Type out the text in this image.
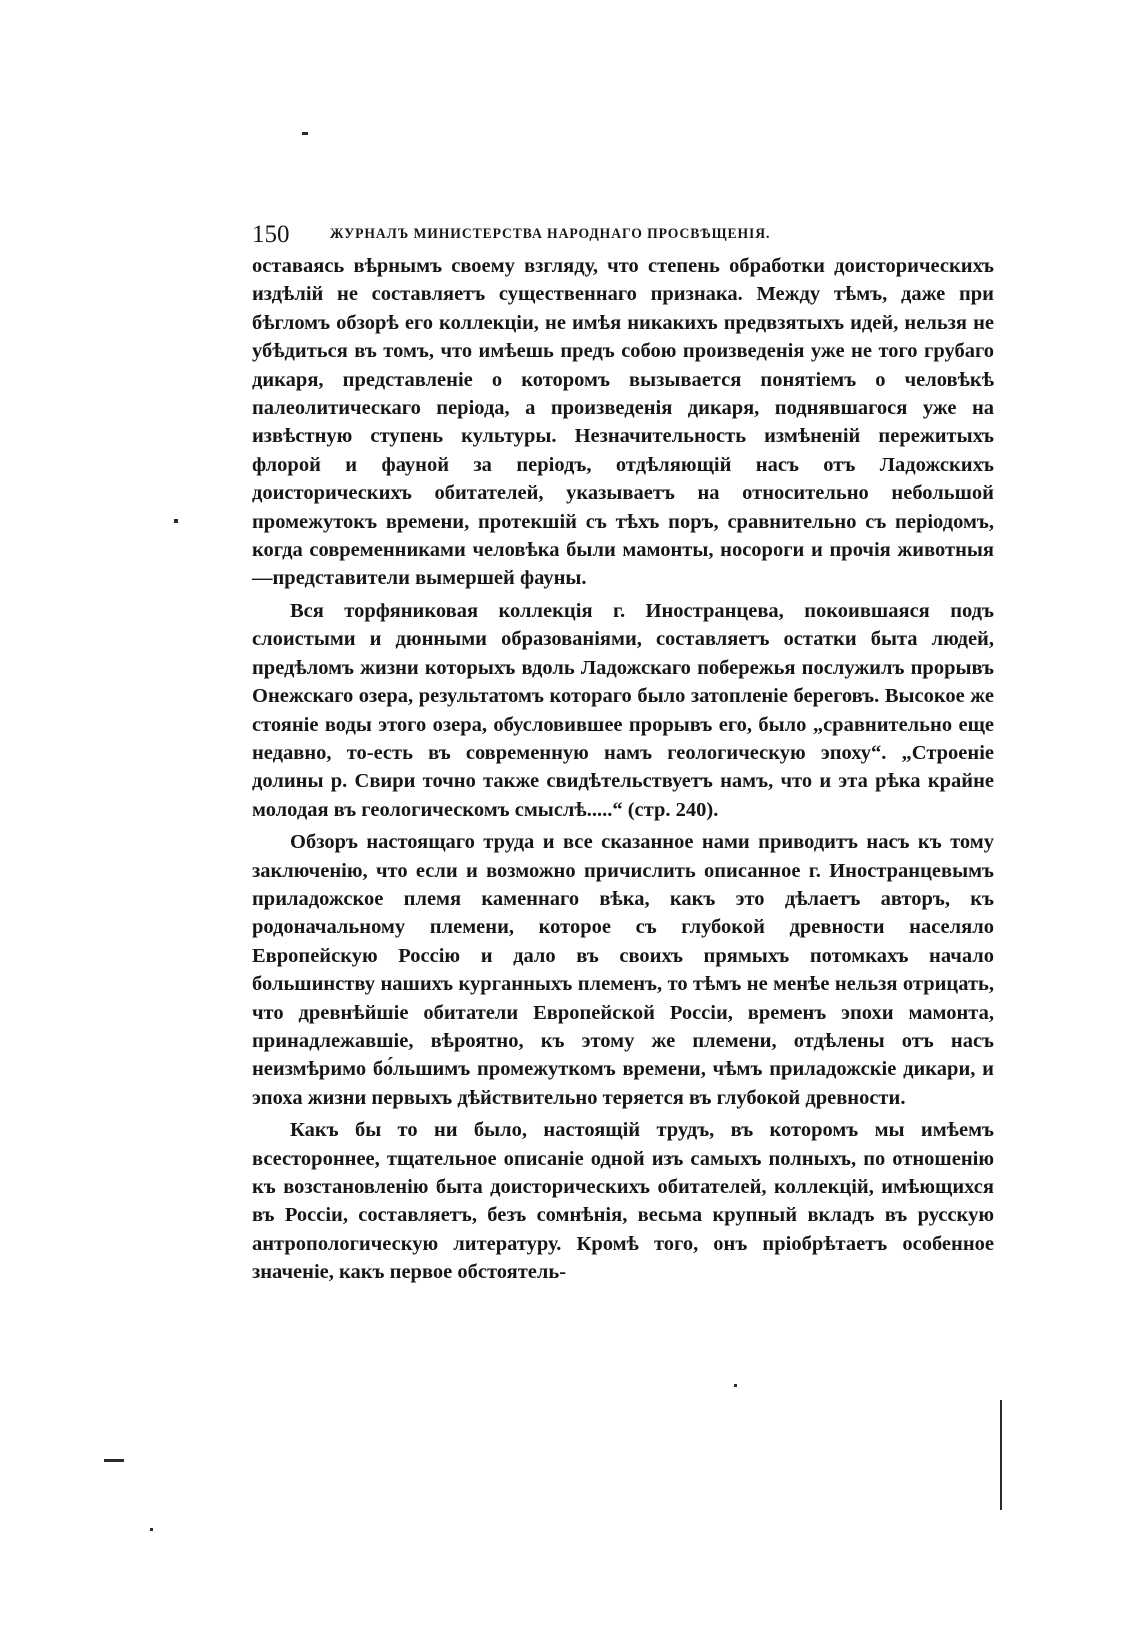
150	ЖУРНАЛЪ МИНИСТЕРСТВА НАРОДНАГО ПРОСВѢЩЕНІЯ.

оставаясь вѣрнымъ своему взгляду, что степень обработки доисторическихъ издѣлій не составляетъ существеннаго признака. Между тѣмъ, даже при бѣгломъ обзорѣ его коллекціи, не имѣя никакихъ предвзятыхъ идей, нельзя не убѣдиться въ томъ, что имѣешь предъ собою произведенія уже не того грубаго дикаря, представленіе о которомъ вызывается понятіемъ о человѣкѣ палеолитическаго періода, а произведенія дикаря, поднявшагося уже на извѣстную ступень культуры. Незначительность измѣненій пережитыхъ флорой и фауной за періодъ, отдѣляющій насъ отъ Ладожскихъ доисторическихъ обитателей, указываетъ на относительно небольшой промежутокъ времени, протекшій съ тѣхъ поръ, сравнительно съ періодомъ, когда современниками человѣка были мамонты, носороги и прочія животныя—представители вымершей фауны.

Вся торфяниковая коллекція г. Иностранцева, покоившаяся подъ слоистыми и дюнными образованіями, составляетъ остатки быта людей, предѣломъ жизни которыхъ вдоль Ладожскаго побережья послужилъ прорывъ Онежскаго озера, результатомъ котораго было затопленіе береговъ. Высокое же стояніе воды этого озера, обусловившее прорывъ его, было „сравнительно еще недавно, то-есть въ современную намъ геологическую эпоху“. „Строеніе долины р. Свири точно также свидѣтельствуетъ намъ, что и эта рѣка крайне молодая въ геологическомъ смыслѣ.....“ (стр. 240).

Обзоръ настоящаго труда и все сказанное нами приводитъ насъ къ тому заключенію, что если и возможно причислить описанное г. Иностранцевымъ приладожское племя каменнаго вѣка, какъ это дѣлаетъ авторъ, къ родоначальному племени, которое съ глубокой древности населяло Европейскую Россію и дало въ своихъ прямыхъ потомкахъ начало большинству нашихъ курганныхъ племенъ, то тѣмъ не менѣе нельзя отрицать, что древнѣйшіе обитатели Европейской Россіи, временъ эпохи мамонта, принадлежавшіе, вѣроятно, къ этому же племени, отдѣлены отъ насъ неизмѣримо бо́льшимъ промежуткомъ времени, чѣмъ приладожскіе дикари, и эпоха жизни первыхъ дѣйствительно теряется въ глубокой древности.

Какъ бы то ни было, настоящій трудъ, въ которомъ мы имѣемъ всестороннее, тщательное описаніе одной изъ самыхъ полныхъ, по отношенію къ возстановленію быта доисторическихъ обитателей, коллекцій, имѣющихся въ Россіи, составляетъ, безъ сомнѣнія, весьма крупный вкладъ въ русскую антропологическую литературу. Кромѣ того, онъ пріобрѣтаетъ особенное значеніе, какъ первое обстоятель-
